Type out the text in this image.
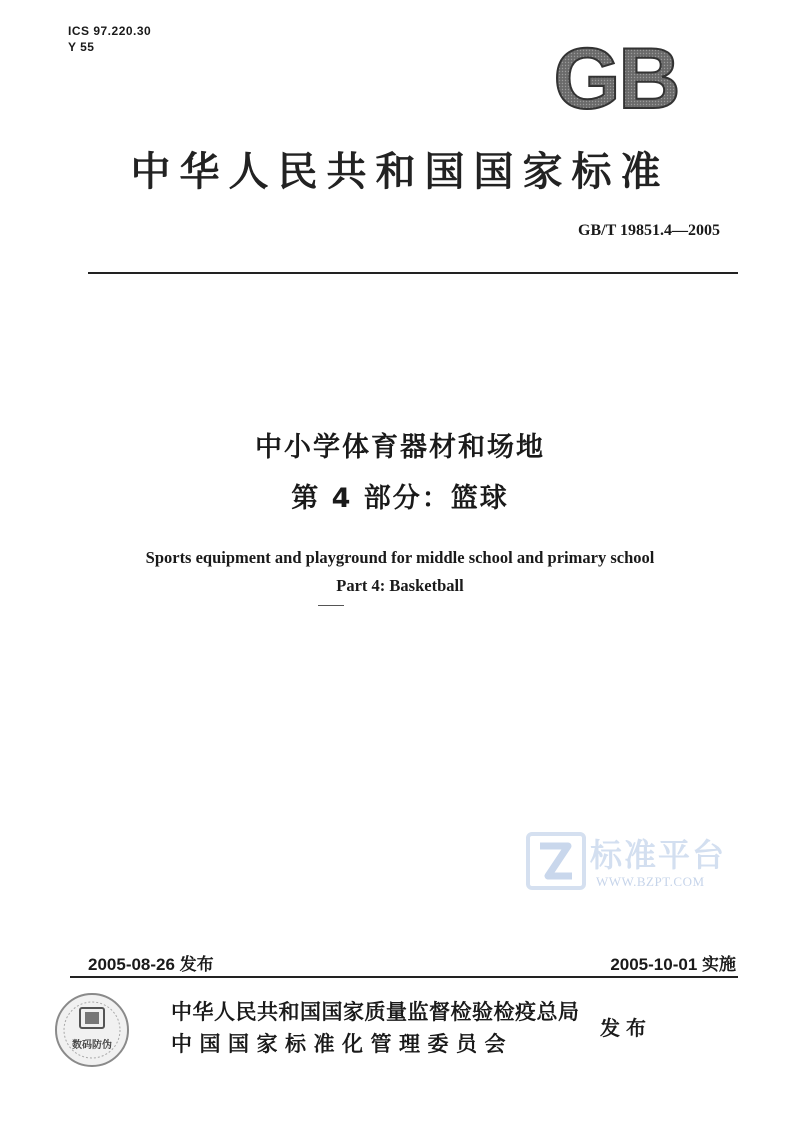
ICS 97.220.30
Y 55	GB
中华人民共和国国家标准
GB/T 19851.4—2005
中小学体育器材和场地
第 4 部分：篮球
Sports equipment and playground for middle school and primary school
Part 4: Basketball
标准平台
WWW.BZPT.COM
2005-08-26 发布	2005-10-01 实施
数码防伪
中华人民共和国国家质量监督检验检疫总局
中国国家标准化管理委员会
发布
